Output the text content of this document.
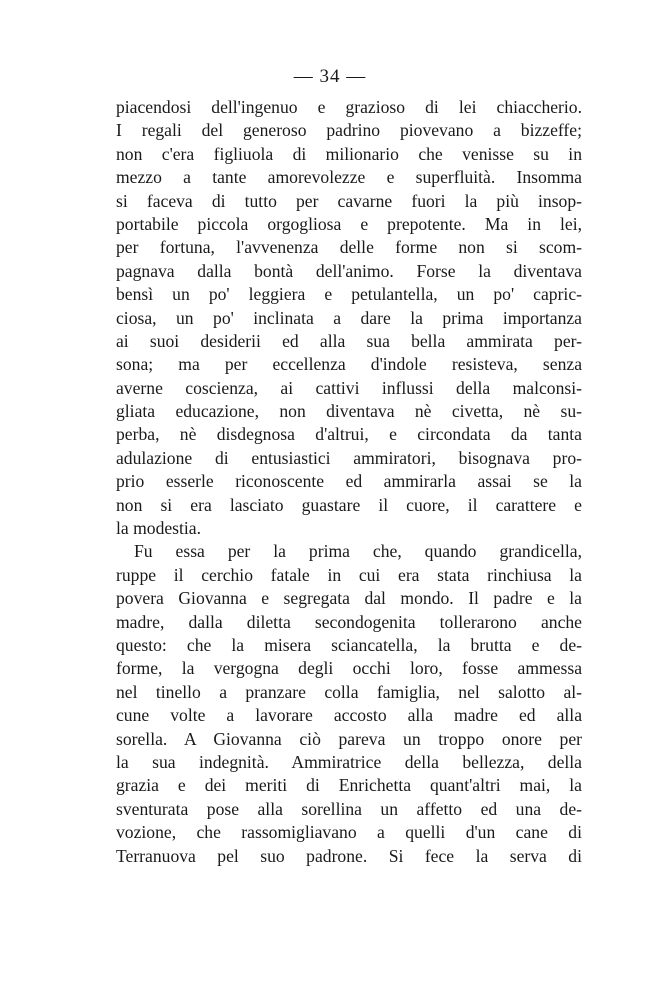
— 34 —
piacendosi dell'ingenuo e grazioso di lei chiaccherio.
I regali del generoso padrino piovevano a bizzeffe;
non c'era figliuola di milionario che venisse su in
mezzo a tante amorevolezze e superfluità. Insomma
si faceva di tutto per cavarne fuori la più insop-
portabile piccola orgogliosa e prepotente. Ma in lei,
per fortuna, l'avvenenza delle forme non si scom-
pagnava dalla bontà dell'animo. Forse la diventava
bensì un po' leggiera e petulantella, un po' capric-
ciosa, un po' inclinata a dare la prima importanza
ai suoi desiderii ed alla sua bella ammirata per-
sona; ma per eccellenza d'indole resisteva, senza
averne coscienza, ai cattivi influssi della malconsi-
gliata educazione, non diventava nè civetta, nè su-
perba, nè disdegnosa d'altrui, e circondata da tanta
adulazione di entusiastici ammiratori, bisognava pro-
prio esserle riconoscente ed ammirarla assai se la
non si era lasciato guastare il cuore, il carattere e
la modestia.
Fu essa per la prima che, quando grandicella,
ruppe il cerchio fatale in cui era stata rinchiusa la
povera Giovanna e segregata dal mondo. Il padre e la
madre, dalla diletta secondogenita tollerarono anche
questo: che la misera sciancatella, la brutta e de-
forme, la vergogna degli occhi loro, fosse ammessa
nel tinello a pranzare colla famiglia, nel salotto al-
cune volte a lavorare accosto alla madre ed alla
sorella. A Giovanna ciò pareva un troppo onore per
la sua indegnità. Ammiratrice della bellezza, della
grazia e dei meriti di Enrichetta quant'altri mai, la
sventurata pose alla sorellina un affetto ed una de-
vozione, che rassomigliavano a quelli d'un cane di
Terranuova pel suo padrone. Si fece la serva di
